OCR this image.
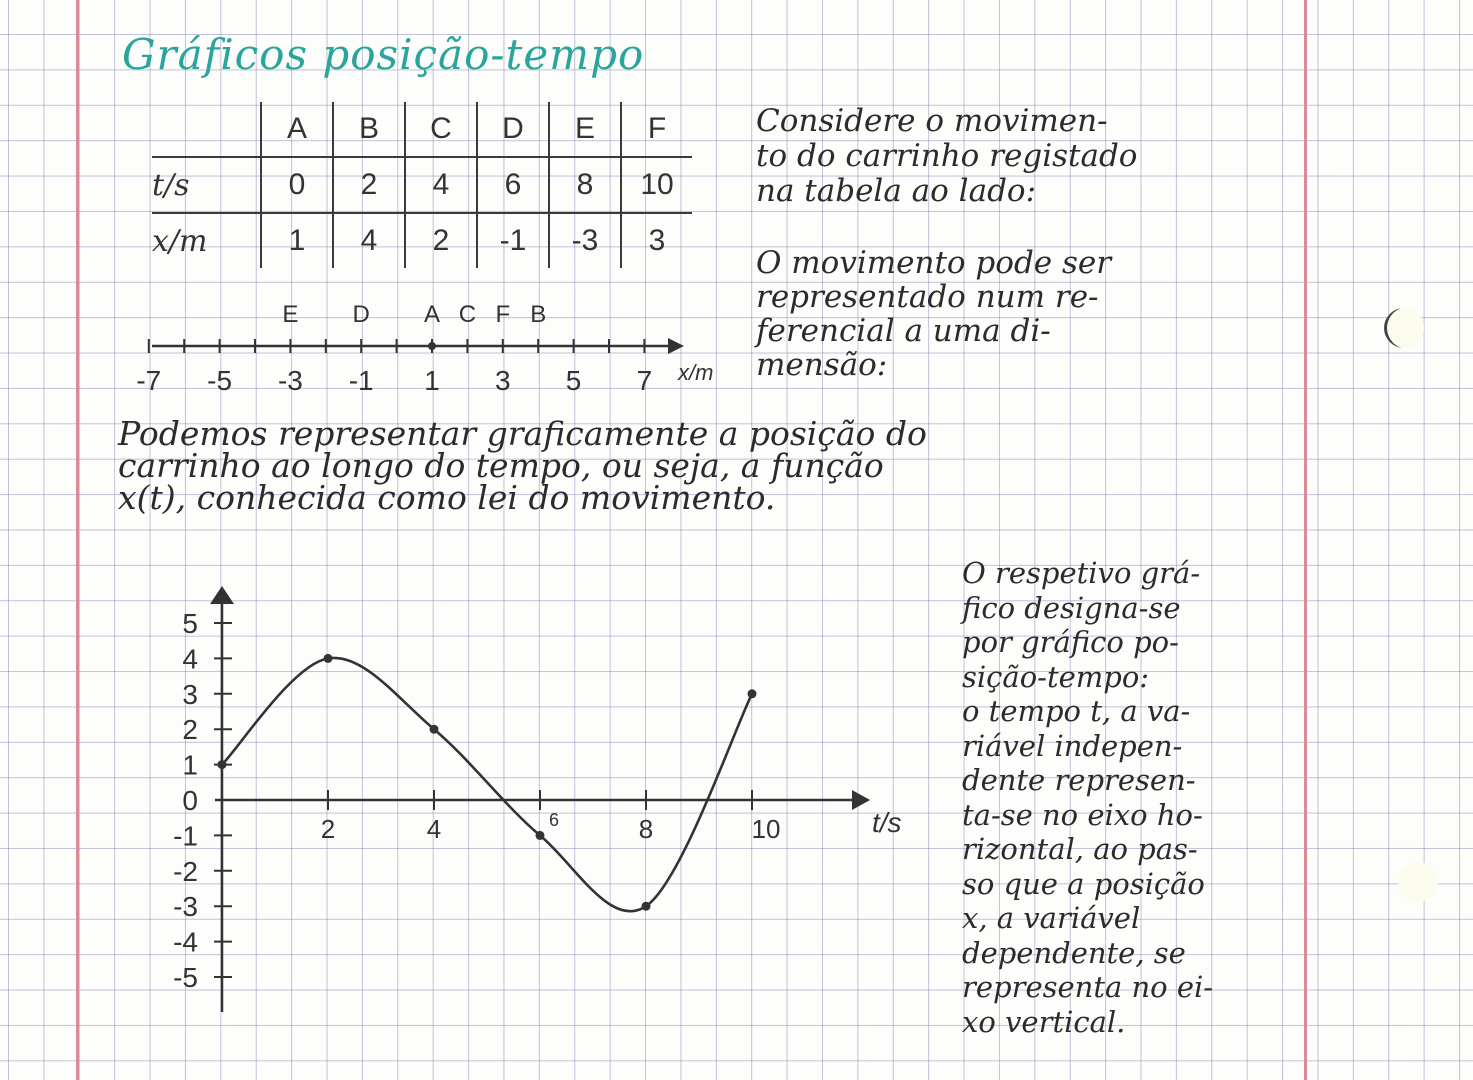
Gráficos posição-tempo
	A	B	C	D	E	F
t/s	0	2	4	6	8	10
x/m	1	4	2	-1	-3	3
Considere o movimen-
to do carrinho registado
na tabela ao lado:
O movimento pode ser
representado num re-
ferencial a uma di-
mensão:
-7 -5 -3 -1 1 3 5 7
E D A C F B
x/m
Podemos representar graficamente a posição do
carrinho ao longo do tempo, ou seja, a função
x(t), conhecida como lei do movimento.
5
4
3
2
1
0
-1
-2
-3
-4
-5
2	4	6	8	10	t/s
O respetivo grá-
fico designa-se
por gráfico po-
sição-tempo:
o tempo t, a va-
riável indepen-
dente represen-
ta-se no eixo ho-
rizontal, ao pas-
so que a posição
x, a variável
dependente, se
representa no ei-
xo vertical.
